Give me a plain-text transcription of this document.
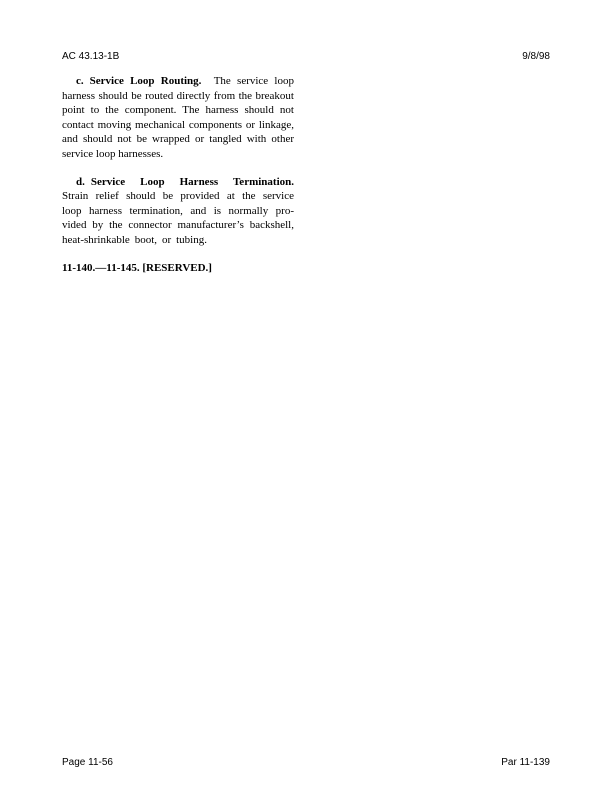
AC 43.13-1B	9/8/98

c. Service Loop Routing. The service loop harness should be routed directly from the breakout point to the component. The harness should not contact moving mechanical components or linkage, and should not be wrapped or tangled with other service loop harnesses.

d. Service Loop Harness Termination. Strain relief should be provided at the service loop harness termination, and is normally provided by the connector manufacturer’s backshell, heat-shrinkable boot, or tubing.

11-140.—11-145. [RESERVED.]
Page 11-56	Par 11-139
